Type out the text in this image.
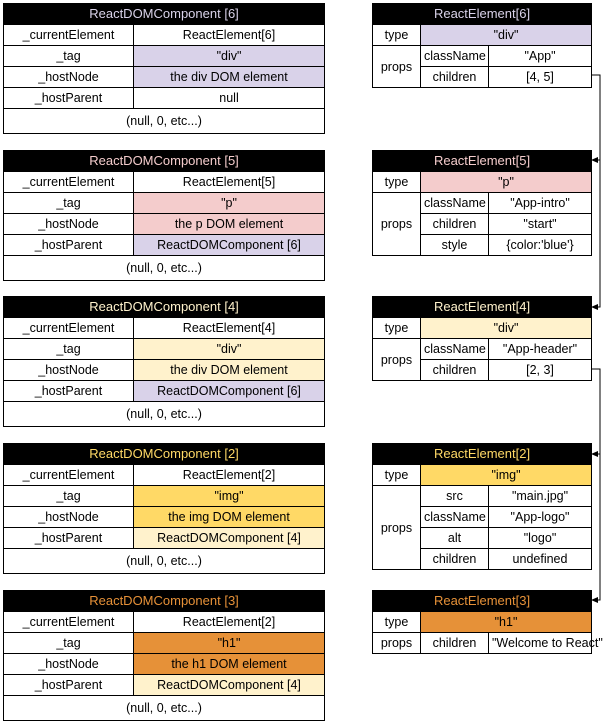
ReactDOMComponent [6]	
_currentElement	ReactElement[6]
_tag	"div"
_hostNode	the div DOM element
_hostParent	null
(null, 0, etc...)	
ReactDOMComponent [5]	
_currentElement	ReactElement[5]
_tag	"p"
_hostNode	the p DOM element
_hostParent	ReactDOMComponent [6]
(null, 0, etc...)	
ReactDOMComponent [4]	
_currentElement	ReactElement[4]
_tag	"div"
_hostNode	the div DOM element
_hostParent	ReactDOMComponent [6]
(null, 0, etc...)	
ReactDOMComponent [2]	
_currentElement	ReactElement[2]
_tag	"img"
_hostNode	the img DOM element
_hostParent	ReactDOMComponent [4]
(null, 0, etc...)	
ReactDOMComponent [3]	
_currentElement	ReactElement[2]
_tag	"h1"
_hostNode	the h1 DOM element
_hostParent	ReactDOMComponent [4]
(null, 0, etc...)	
ReactElement[6]		
type	"div"	
props	className	"App"
	children	[4, 5]
ReactElement[5]		
type	"p"	
props	className	"App-intro"
	children	"start"
	style	{color:'blue'}
ReactElement[4]		
type	"div"	
props	className	"App-header"
	children	[2, 3]
ReactElement[2]		
type	"img"	
props	src	"main.jpg"
	className	"App-logo"
	alt	"logo"
	children	undefined
ReactElement[3]		
type	"h1"	
props	children	"Welcome to React"
